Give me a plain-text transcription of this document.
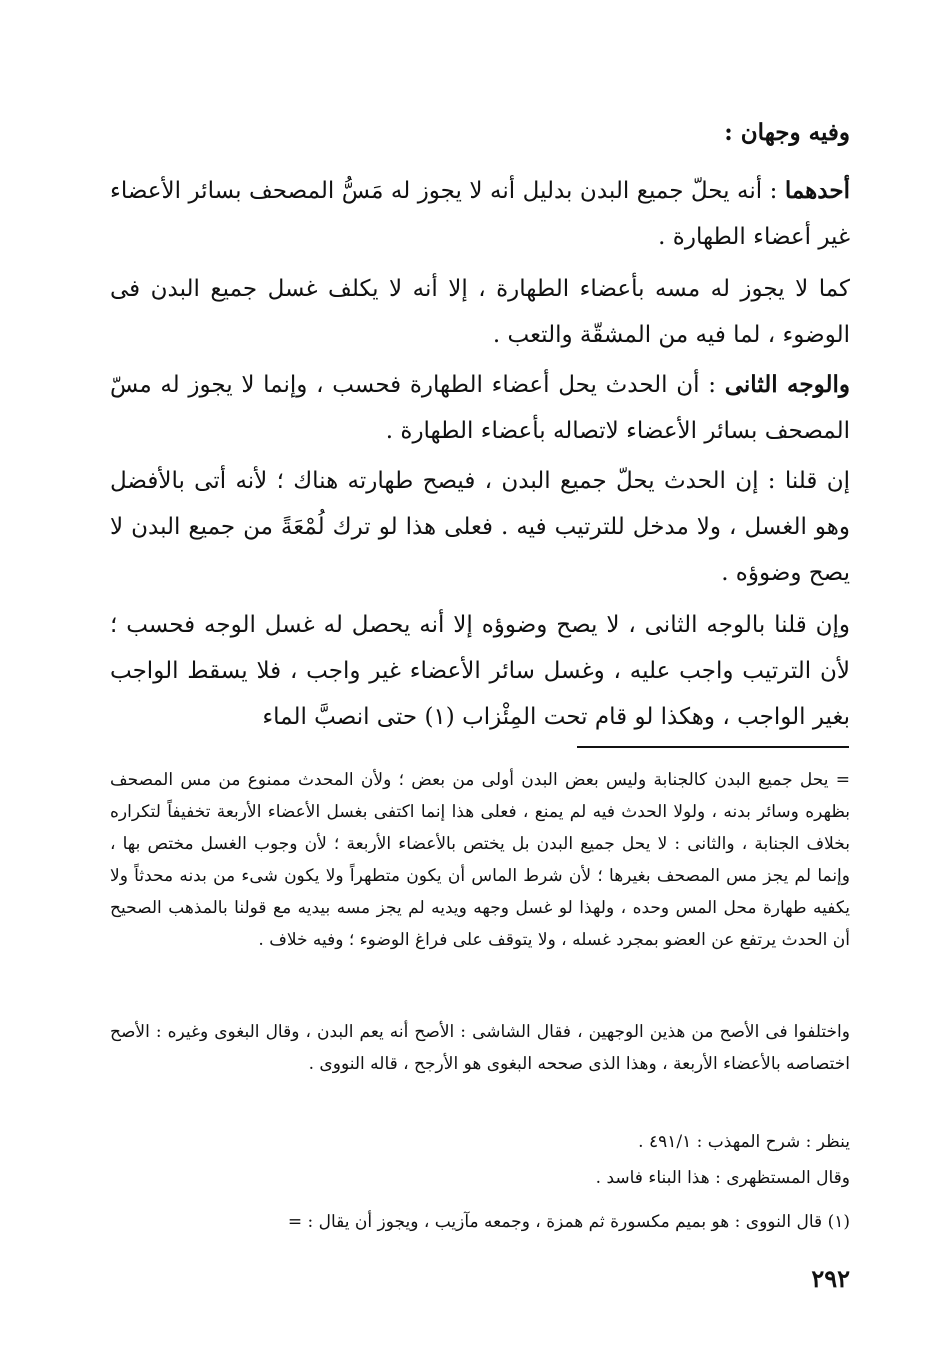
وفيه وجهان :

أحدهما : أنه يحلّ جميع البدن بدليل أنه لا يجوز له مَسُّ المصحف بسائر الأعضاء غير أعضاء الطهارة .

كما لا يجوز له مسه بأعضاء الطهارة ، إلا أنه لا يكلف غسل جميع البدن فى الوضوء ، لما فيه من المشقّة والتعب .

والوجه الثانى : أن الحدث يحل أعضاء الطهارة فحسب ، وإنما لا يجوز له مسّ المصحف بسائر الأعضاء لاتصاله بأعضاء الطهارة .

إن قلنا : إن الحدث يحلّ جميع البدن ، فيصح طهارته هناك ؛ لأنه أتى بالأفضل وهو الغسل ، ولا مدخل للترتيب فيه . فعلى هذا لو ترك لُمْعَةً من جميع البدن لا يصح وضوؤه .

وإن قلنا بالوجه الثانى ، لا يصح وضوؤه إلا أنه يحصل له غسل الوجه فحسب ؛ لأن الترتيب واجب عليه ، وغسل سائر الأعضاء غير واجب ، فلا يسقط الواجب بغير الواجب ، وهكذا لو قام تحت المِئْزاب (١) حتى انصبَّ الماء

= يحل جميع البدن كالجنابة وليس بعض البدن أولى من بعض ؛ ولأن المحدث ممنوع من مس المصحف بظهره وسائر بدنه ، ولولا الحدث فيه لم يمنع ، فعلى هذا إنما اكتفى بغسل الأعضاء الأربعة تخفيفاً لتكراره بخلاف الجنابة ، والثانى : لا يحل جميع البدن بل يختص بالأعضاء الأربعة ؛ لأن وجوب الغسل مختص بها ، وإنما لم يجز مس المصحف بغيرها ؛ لأن شرط الماس أن يكون متطهراً ولا يكون شىء من بدنه محدثاً ولا يكفيه طهارة محل المس وحده ، ولهذا لو غسل وجهه ويديه لم يجز مسه بيديه مع قولنا بالمذهب الصحيح أن الحدث يرتفع عن العضو بمجرد غسله ، ولا يتوقف على فراغ الوضوء ؛ وفيه خلاف .

واختلفوا فى الأصح من هذين الوجهين ، فقال الشاشى : الأصح أنه يعم البدن ، وقال البغوى وغيره : الأصح اختصاصه بالأعضاء الأربعة ، وهذا الذى صححه البغوى هو الأرجح ، قاله النووى .

ينظر : شرح المهذب : ٤٩١/١ .

وقال المستظهرى : هذا البناء فاسد .

(١) قال النووى : هو بميم مكسورة ثم همزة ، وجمعه مآزيب ، ويجوز أن يقال : =

٢٩٢
